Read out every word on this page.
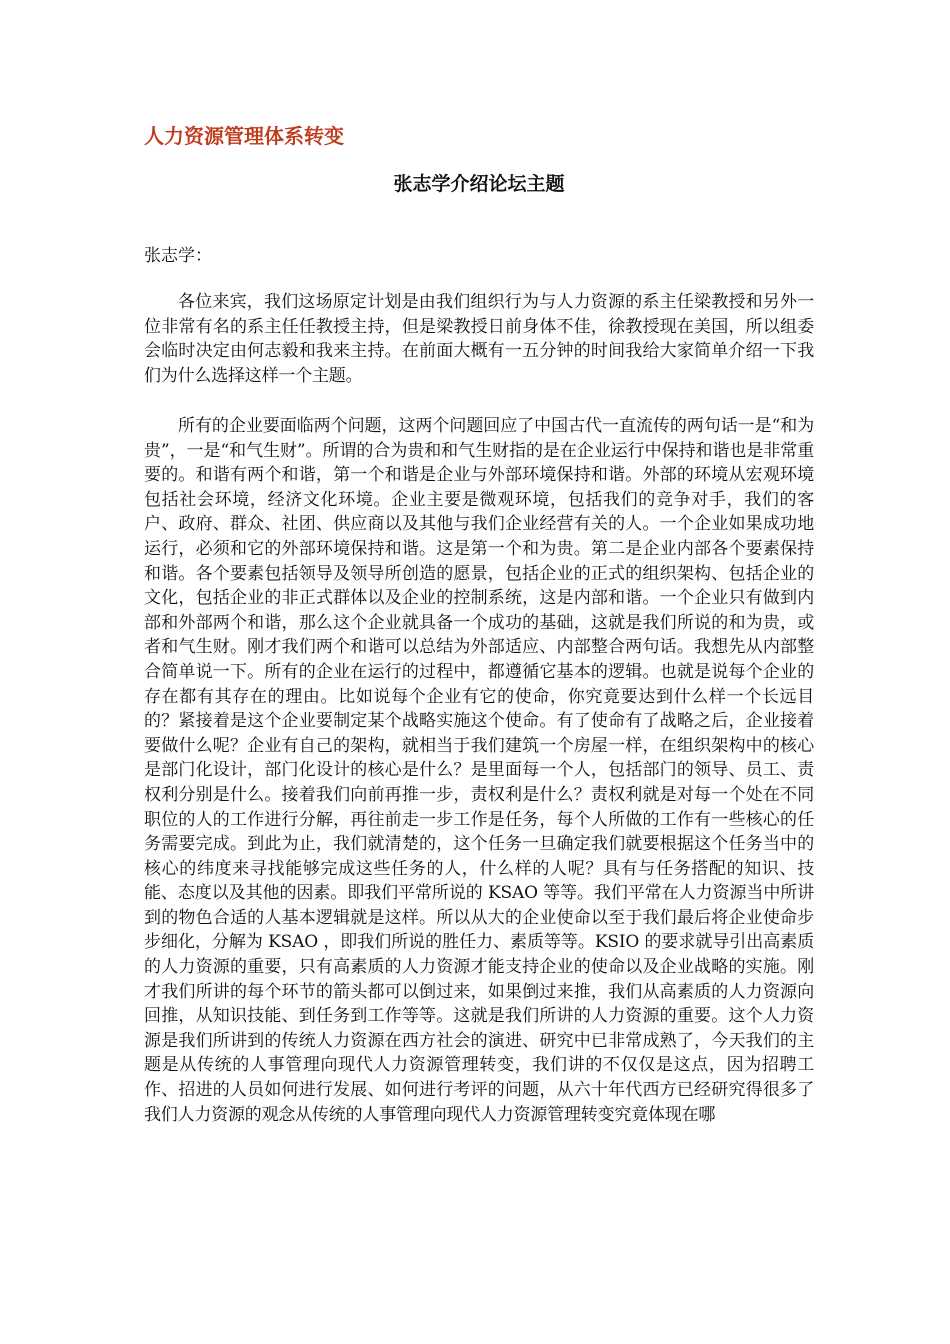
人力资源管理体系转变
张志学介绍论坛主题

张志学：

各位来宾，我们这场原定计划是由我们组织行为与人力资源的系主任梁教授和另外一位非常有名的系主任任教授主持，但是梁教授日前身体不佳，徐教授现在美国，所以组委会临时决定由何志毅和我来主持。在前面大概有一五分钟的时间我给大家简单介绍一下我们为什么选择这样一个主题。

所有的企业要面临两个问题，这两个问题回应了中国古代一直流传的两句话一是“和为贵”，一是“和气生财”。所谓的合为贵和和气生财指的是在企业运行中保持和谐也是非常重要的。和谐有两个和谐，第一个和谐是企业与外部环境保持和谐。外部的环境从宏观环境包括社会环境，经济文化环境。企业主要是微观环境，包括我们的竞争对手，我们的客户、政府、群众、社团、供应商以及其他与我们企业经营有关的人。一个企业如果成功地运行，必须和它的外部环境保持和谐。这是第一个和为贵。第二是企业内部各个要素保持和谐。各个要素包括领导及领导所创造的愿景，包括企业的正式的组织架构、包括企业的文化，包括企业的非正式群体以及企业的控制系统，这是内部和谐。一个企业只有做到内部和外部两个和谐，那么这个企业就具备一个成功的基础，这就是我们所说的和为贵，或者和气生财。刚才我们两个和谐可以总结为外部适应、内部整合两句话。我想先从内部整合简单说一下。所有的企业在运行的过程中，都遵循它基本的逻辑。也就是说每个企业的存在都有其存在的理由。比如说每个企业有它的使命，你究竟要达到什么样一个长远目的？紧接着是这个企业要制定某个战略实施这个使命。有了使命有了战略之后，企业接着要做什么呢？企业有自己的架构，就相当于我们建筑一个房屋一样，在组织架构中的核心是部门化设计，部门化设计的核心是什么？是里面每一个人，包括部门的领导、员工、责权利分别是什么。接着我们向前再推一步，责权利是什么？责权利就是对每一个处在不同职位的人的工作进行分解，再往前走一步工作是任务，每个人所做的工作有一些核心的任务需要完成。到此为止，我们就清楚的，这个任务一旦确定我们就要根据这个任务当中的核心的纬度来寻找能够完成这些任务的人，什么样的人呢？具有与任务搭配的知识、技能、态度以及其他的因素。即我们平常所说的 KSAO 等等。我们平常在人力资源当中所讲到的物色合适的人基本逻辑就是这样。所以从大的企业使命以至于我们最后将企业使命步步细化，分解为 KSAO ，即我们所说的胜任力、素质等等。KSIO 的要求就导引出高素质的人力资源的重要，只有高素质的人力资源才能支持企业的使命以及企业战略的实施。刚才我们所讲的每个环节的箭头都可以倒过来，如果倒过来推，我们从高素质的人力资源向回推，从知识技能、到任务到工作等等。这就是我们所讲的人力资源的重要。这个人力资源是我们所讲到的传统人力资源在西方社会的演进、研究中已非常成熟了，今天我们的主题是从传统的人事管理向现代人力资源管理转变，我们讲的不仅仅是这点，因为招聘工作、招进的人员如何进行发展、如何进行考评的问题，从六十年代西方已经研究得很多了我们人力资源的观念从传统的人事管理向现代人力资源管理转变究竟体现在哪
